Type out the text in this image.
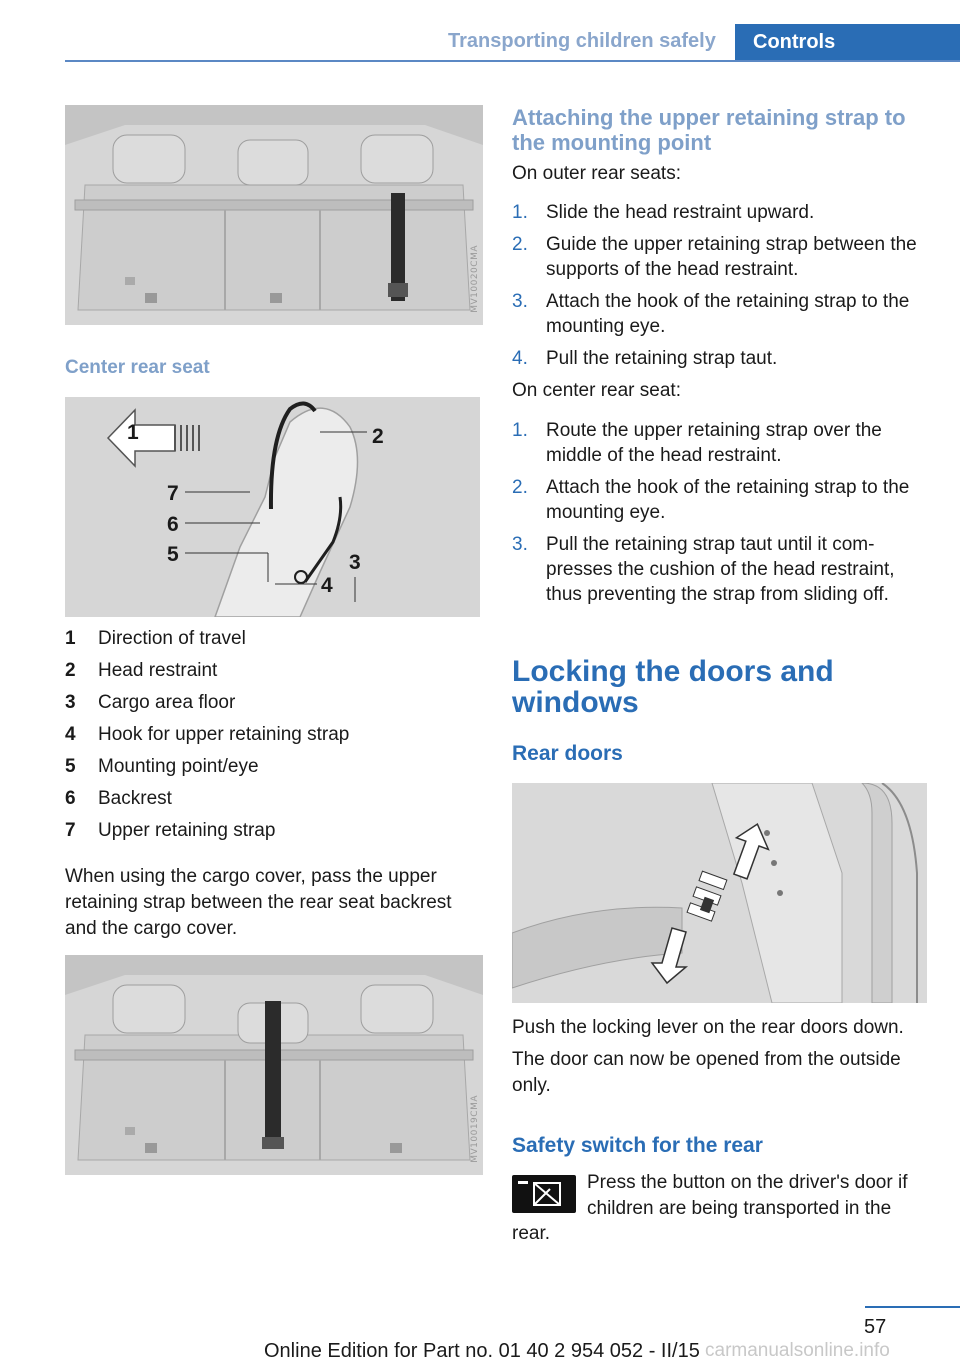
Transporting children safely Controls
MV10020CMA
Center rear seat
1	2
3
4
5
6
7
1	Direction of travel
2	Head restraint
3	Cargo area floor
4	Hook for upper retaining strap
5	Mounting point/eye
6	Backrest
7	Upper retaining strap
When using the cargo cover, pass the upper retaining strap between the rear seat backrest and the cargo cover.
MV10019CMA
Attaching the upper retaining strap to the mounting point
On outer rear seats:
1. Slide the head restraint upward.
2. Guide the upper retaining strap between the supports of the head restraint.
3. Attach the hook of the retaining strap to the mounting eye.
4. Pull the retaining strap taut.
On center rear seat:
1. Route the upper retaining strap over the middle of the head restraint.
2. Attach the hook of the retaining strap to the mounting eye.
3. Pull the retaining strap taut until it com‐ presses the cushion of the head restraint, thus preventing the strap from sliding off.
Locking the doors and windows
Rear doors
Push the locking lever on the rear doors down.
The door can now be opened from the outside only.
Safety switch for the rear
Press the button on the driver's door if
children are being transported in the
rear.
57
carmanualsonline.info
Online Edition for Part no. 01 40 2 954 052 - II/15
